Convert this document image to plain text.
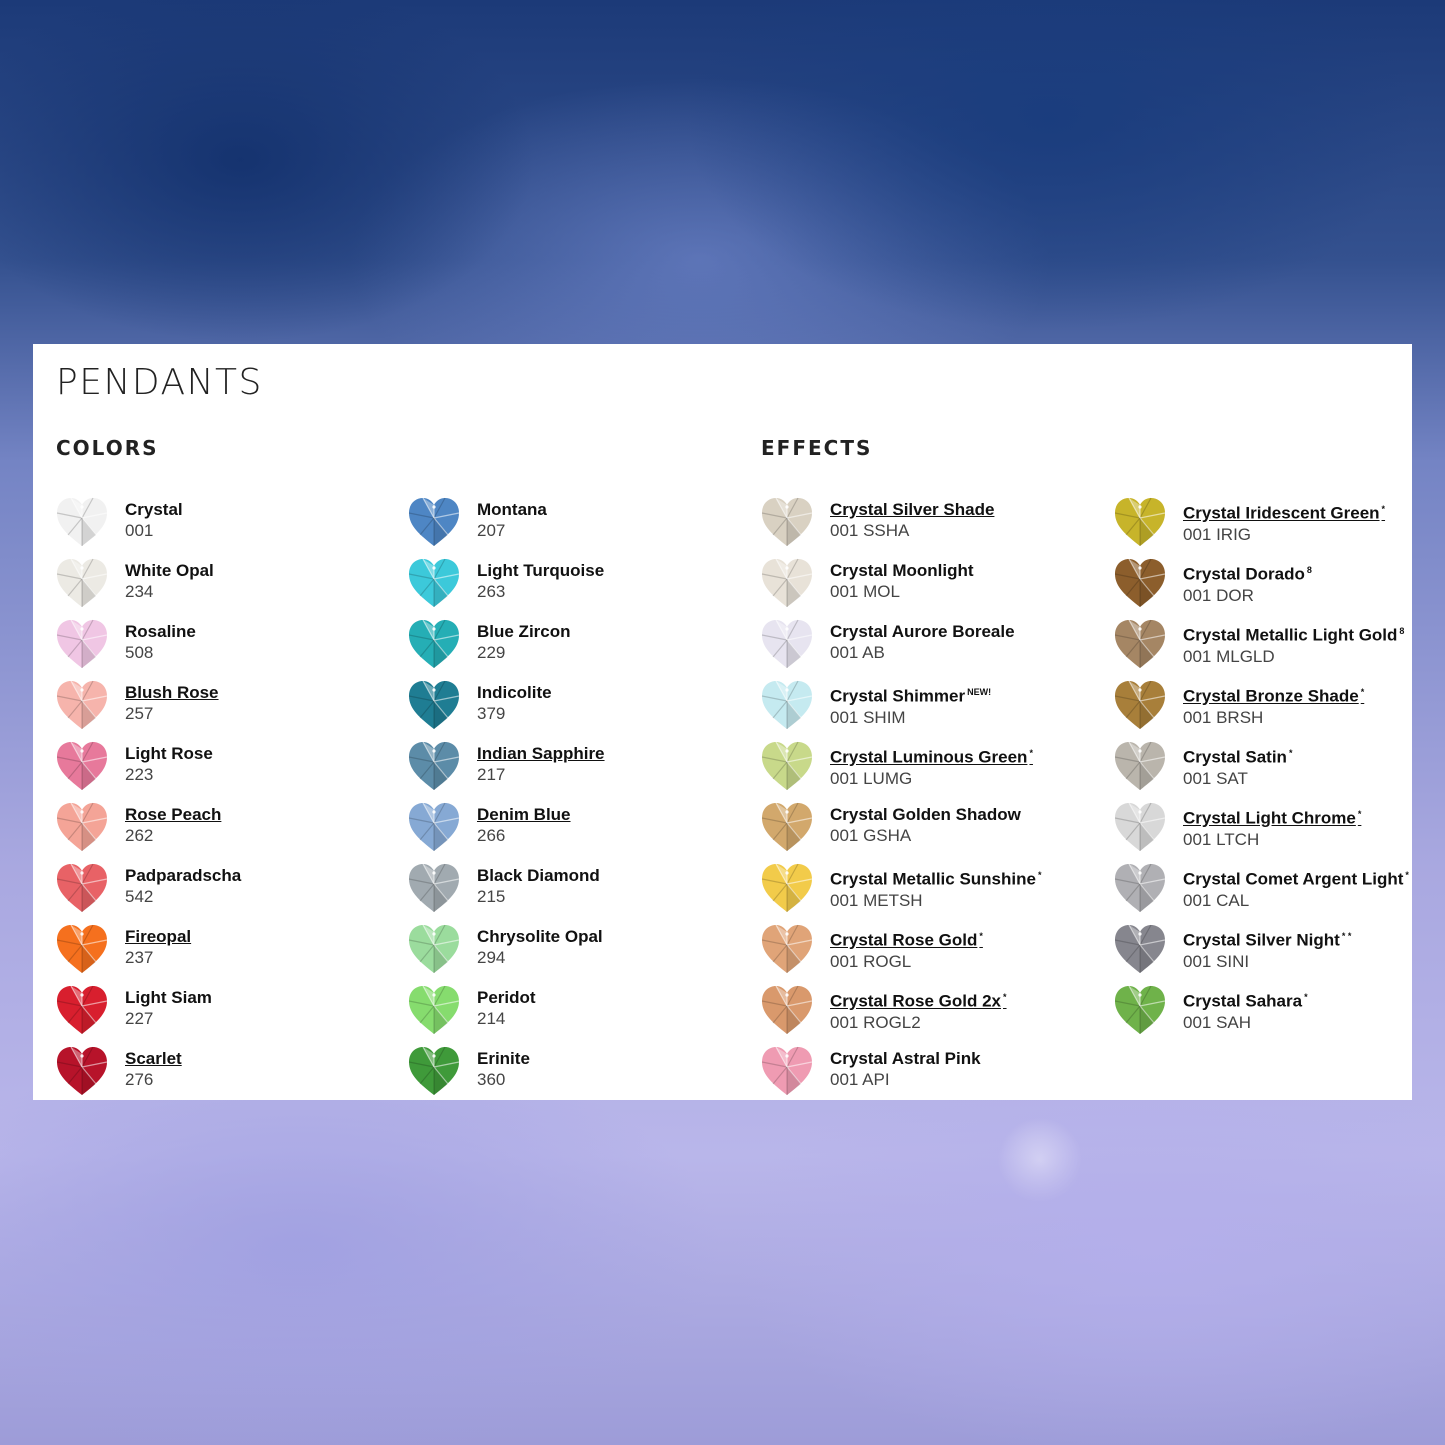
PENDANTS
COLORS	EFFECTS
Crystal
001
White Opal
234
Rosaline
508
Blush Rose
257
Light Rose
223
Rose Peach
262
Padparadscha
542
Fireopal
237
Light Siam
227
Scarlet
276
Montana
207
Light Turquoise
263
Blue Zircon
229
Indicolite
379
Indian Sapphire
217
Denim Blue
266
Black Diamond
215
Chrysolite Opal
294
Peridot
214
Erinite
360
Crystal Silver Shade
001 SSHA
Crystal Moonlight
001 MOL
Crystal Aurore Boreale
001 AB
Crystal Shimmer $^{NEW!}$
001 SHIM
Crystal Luminous Green *
001 LUMG
Crystal Golden Shadow
001 GSHA
Crystal Metallic Sunshine *
001 METSH
Crystal Rose Gold *
001 ROGL
Crystal Rose Gold 2x *
001 ROGL2
Crystal Astral Pink
001 API
Crystal Iridescent Green *
001 IRIG
Crystal Dorado $^8$
001 DOR
Crystal Metallic Light Gold $^8$
001 MLGLD
Crystal Bronze Shade *
001 BRSH
Crystal Satin *
001 SAT
Crystal Light Chrome *
001 LTCH
Crystal Comet Argent Light *
001 CAL
Crystal Silver Night * *
001 SINI
Crystal Sahara *
001 SAH
